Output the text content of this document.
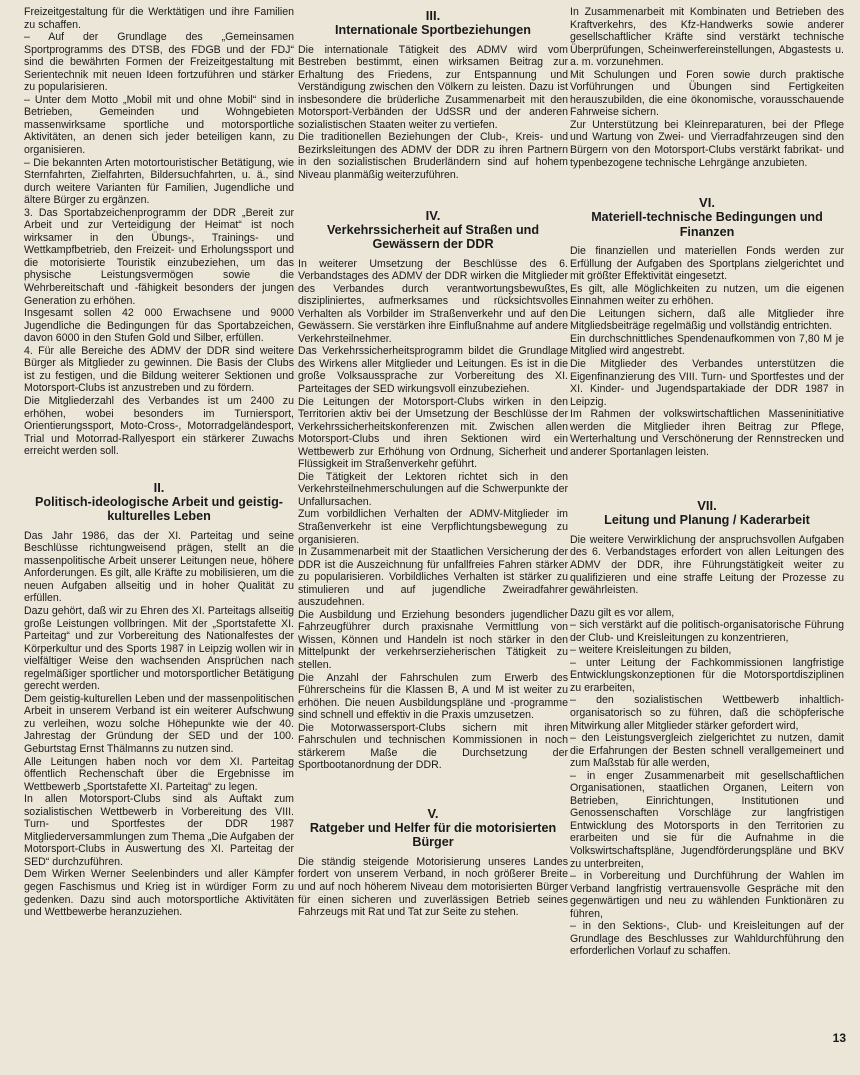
Freizeitgestaltung für die Werktätigen und ihre Familien zu schaffen.

– Auf der Grundlage des „Gemeinsamen Sportprogramms des DTSB, des FDGB und der FDJ“ sind die bewährten Formen der Freizeitgestaltung mit Serientechnik mit neuen Ideen fortzuführen und stärker zu popularisieren.

– Unter dem Motto „Mobil mit und ohne Mobil“ sind in Betrieben, Gemeinden und Wohngebieten massenwirksame sportliche und motorsportliche Aktivitäten, an denen sich jeder beteiligen kann, zu organisieren.

– Die bekannten Arten motortouristischer Betätigung, wie Sternfahrten, Zielfahrten, Bildersuchfahrten, u. ä., sind durch weitere Varianten für Familien, Jugendliche und ältere Bürger zu ergänzen.

3. Das Sportabzeichenprogramm der DDR „Bereit zur Arbeit und zur Verteidigung der Heimat“ ist noch wirksamer in den Übungs-, Trainings- und Wettkampfbetrieb, den Freizeit- und Erholungssport und die motorisierte Touristik einzubeziehen, um das physische Leistungsvermögen sowie die Wehrbereitschaft und -fähigkeit besonders der jungen Generation zu erhöhen.

Insgesamt sollen 42 000 Erwachsene und 9000 Jugendliche die Bedingungen für das Sportabzeichen, davon 6000 in den Stufen Gold und Silber, erfüllen.

4. Für alle Bereiche des ADMV der DDR sind weitere Bürger als Mitglieder zu gewinnen. Die Basis der Clubs ist zu festigen, und die Bildung weiterer Sektionen und Motorsport-Clubs ist anzustreben und zu fördern.

Die Mitgliederzahl des Verbandes ist um 2400 zu erhöhen, wobei besonders im Turniersport, Orientierungssport, Moto-Cross-, Motorradgeländesport, Trial und Motorrad-Rallyesport ein stärkerer Zuwachs erreicht werden soll.

II.
Politisch-ideologische Arbeit und geistig-kulturelles Leben

Das Jahr 1986, das der XI. Parteitag und seine Beschlüsse richtungweisend prägen, stellt an die massenpolitische Arbeit unserer Leitungen neue, höhere Anforderungen. Es gilt, alle Kräfte zu mobilisieren, um die neuen Aufgaben allseitig und in hoher Qualität zu erfüllen.

Dazu gehört, daß wir zu Ehren des XI. Parteitags allseitig große Leistungen vollbringen. Mit der „Sportstafette XI. Parteitag“ und zur Vorbereitung des Nationalfestes der Körperkultur und des Sports 1987 in Leipzig wollen wir in vielfältiger Weise den wachsenden Ansprüchen nach regelmäßiger sportlicher und motorsportlicher Betätigung gerecht werden.

Dem geistig-kulturellen Leben und der massenpolitischen Arbeit in unserem Verband ist ein weiterer Aufschwung zu verleihen, wozu solche Höhepunkte wie der 40. Jahrestag der Gründung der SED und der 100. Geburtstag Ernst Thälmanns zu nutzen sind.

Alle Leitungen haben noch vor dem XI. Parteitag öffentlich Rechenschaft über die Ergebnisse im Wettbewerb „Sportstafette XI. Parteitag“ zu legen.

In allen Motorsport-Clubs sind als Auftakt zum sozialistischen Wettbewerb in Vorbereitung des VIII. Turn- und Sportfestes der DDR 1987 Mitgliederversammlungen zum Thema „Die Aufgaben der Motorsport-Clubs in Auswertung des XI. Parteitag der SED“ durchzuführen.

Dem Wirken Werner Seelenbinders und aller Kämpfer gegen Faschismus und Krieg ist in würdiger Form zu gedenken. Dazu sind auch motorsportliche Aktivitäten und Wettbewerbe heranzuziehen.

III.
Internationale Sportbeziehungen

Die internationale Tätigkeit des ADMV wird vom Bestreben bestimmt, einen wirksamen Beitrag zur Erhaltung des Friedens, zur Entspannung und Verständigung zwischen den Völkern zu leisten. Dazu ist insbesondere die brüderliche Zusammenarbeit mit den Motorsport-Verbänden der UdSSR und der anderen sozialistischen Staaten weiter zu vertiefen.

Die traditionellen Beziehungen der Club-, Kreis- und Bezirksleitungen des ADMV der DDR zu ihren Partnern in den sozialistischen Bruderländern sind auf hohem Niveau planmäßig weiterzuführen.

IV.
Verkehrssicherheit auf Straßen und Gewässern der DDR

In weiterer Umsetzung der Beschlüsse des 6. Verbandstages des ADMV der DDR wirken die Mitglieder des Verbandes durch verantwortungsbewußtes, diszipliniertes, aufmerksames und rücksichtsvolles Verhalten als Vorbilder im Straßenverkehr und auf den Gewässern. Sie verstärken ihre Einflußnahme auf andere Verkehrsteilnehmer.

Das Verkehrssicherheitsprogramm bildet die Grundlage des Wirkens aller Mitglieder und Leitungen. Es ist in die große Volksaussprache zur Vorbereitung des XI. Parteitages der SED wirkungsvoll einzubeziehen.

Die Leitungen der Motorsport-Clubs wirken in den Territorien aktiv bei der Umsetzung der Beschlüsse der Verkehrssicherheitskonferenzen mit. Zwischen allen Motorsport-Clubs und ihren Sektionen wird ein Wettbewerb zur Erhöhung von Ordnung, Sicherheit und Flüssigkeit im Straßenverkehr geführt.

Die Tätigkeit der Lektoren richtet sich in den Verkehrsteilnehmerschulungen auf die Schwerpunkte der Unfallursachen.

Zum vorbildlichen Verhalten der ADMV-Mitglieder im Straßenverkehr ist eine Verpflichtungsbewegung zu organisieren.

In Zusammenarbeit mit der Staatlichen Versicherung der DDR ist die Auszeichnung für unfallfreies Fahren stärker zu popularisieren. Vorbildliches Verhalten ist stärker zu stimulieren und auf jugendliche Zweiradfahrer auszudehnen.

Die Ausbildung und Erziehung besonders jugendlicher Fahrzeugführer durch praxisnahe Vermittlung von Wissen, Können und Handeln ist noch stärker in den Mittelpunkt der verkehrserzieherischen Tätigkeit zu stellen.

Die Anzahl der Fahrschulen zum Erwerb des Führerscheins für die Klassen B, A und M ist weiter zu erhöhen. Die neuen Ausbildungspläne und -programme sind schnell und effektiv in die Praxis umzusetzen.

Die Motorwassersport-Clubs sichern mit ihren Fahrschulen und technischen Kommissionen in noch stärkerem Maße die Durchsetzung der Sportbootanordnung der DDR.

V.
Ratgeber und Helfer für die motorisierten Bürger

Die ständig steigende Motorisierung unseres Landes fordert von unserem Verband, in noch größerer Breite und auf noch höherem Niveau dem motorisierten Bürger für einen sicheren und zuverlässigen Betrieb seines Fahrzeugs mit Rat und Tat zur Seite zu stehen.

In Zusammenarbeit mit Kombinaten und Betrieben des Kraftverkehrs, des Kfz-Handwerks sowie anderer gesellschaftlicher Kräfte sind verstärkt technische Überprüfungen, Scheinwerfereinstellungen, Abgastests u. a. m. vorzunehmen.

Mit Schulungen und Foren sowie durch praktische Vorführungen und Übungen sind Fertigkeiten herauszubilden, die eine ökonomische, vorausschauende Fahrweise sichern.

Zur Unterstützung bei Kleinreparaturen, bei der Pflege und Wartung von Zwei- und Vierradfahrzeugen sind den Bürgern von den Motorsport-Clubs verstärkt fabrikat- und typenbezogene technische Lehrgänge anzubieten.

VI.
Materiell-technische Bedingungen und Finanzen

Die finanziellen und materiellen Fonds werden zur Erfüllung der Aufgaben des Sportplans zielgerichtet und mit größter Effektivität eingesetzt.

Es gilt, alle Möglichkeiten zu nutzen, um die eigenen Einnahmen weiter zu erhöhen.

Die Leitungen sichern, daß alle Mitglieder ihre Mitgliedsbeiträge regelmäßig und vollständig entrichten.

Ein durchschnittliches Spendenaufkommen von 7,80 M je Mitglied wird angestrebt.

Die Mitglieder des Verbandes unterstützen die Eigenfinanzierung des VIII. Turn- und Sportfestes und der XI. Kinder- und Jugendspartakiade der DDR 1987 in Leipzig.

Im Rahmen der volkswirtschaftlichen Masseninitiative werden die Mitglieder ihren Beitrag zur Pflege, Werterhaltung und Verschönerung der Rennstrecken und anderer Sportanlagen leisten.

VII.
Leitung und Planung / Kaderarbeit

Die weitere Verwirklichung der anspruchsvollen Aufgaben des 6. Verbandstages erfordert von allen Leitungen des ADMV der DDR, ihre Führungstätigkeit weiter zu qualifizieren und eine straffe Leitung der Prozesse zu gewährleisten.

Dazu gilt es vor allem,

– sich verstärkt auf die politisch-organisatorische Führung der Club- und Kreisleitungen zu konzentrieren,

– weitere Kreisleitungen zu bilden,

– unter Leitung der Fachkommissionen langfristige Entwicklungskonzeptionen für die Motorsportdisziplinen zu erarbeiten,

– den sozialistischen Wettbewerb inhaltlich-organisatorisch so zu führen, daß die schöpferische Mitwirkung aller Mitglieder stärker gefordert wird,

– den Leistungsvergleich zielgerichtet zu nutzen, damit die Erfahrungen der Besten schnell verallgemeinert und zum Maßstab für alle werden,

– in enger Zusammenarbeit mit gesellschaftlichen Organisationen, staatlichen Organen, Leitern von Betrieben, Einrichtungen, Institutionen und Genossenschaften Vorschläge zur langfristigen Entwicklung des Motorsports in den Territorien zu erarbeiten und sie für die Aufnahme in die Volkswirtschaftspläne, Jugendförderungspläne und BKV zu unterbreiten,

– in Vorbereitung und Durchführung der Wahlen im Verband langfristig vertrauensvolle Gespräche mit den gegenwärtigen und neu zu wählenden Funktionären zu führen,

– in den Sektions-, Club- und Kreisleitungen auf der Grundlage des Beschlusses zur Wahldurchführung den erforderlichen Vorlauf zu schaffen.

13
